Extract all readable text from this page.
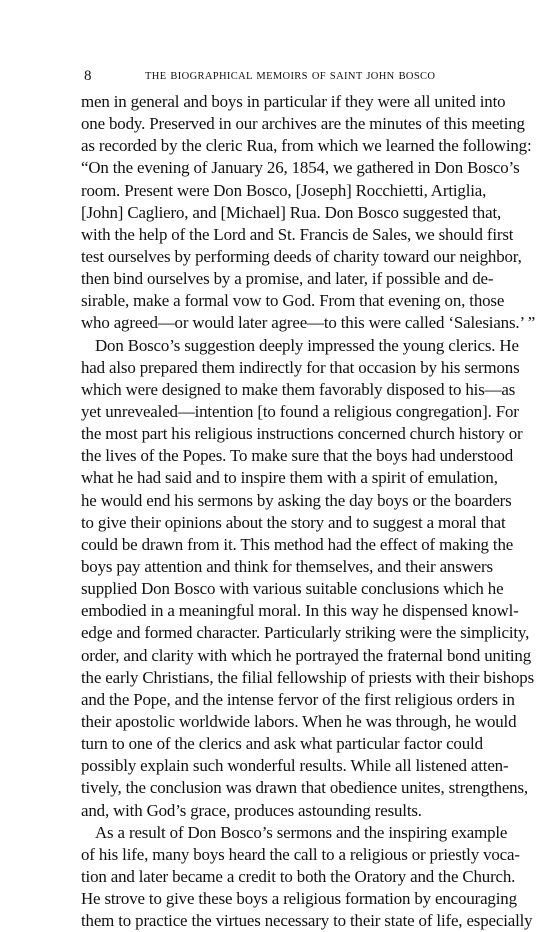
8	THE BIOGRAPHICAL MEMOIRS OF SAINT JOHN BOSCO
men in general and boys in particular if they were all united into
one body. Preserved in our archives are the minutes of this meeting
as recorded by the cleric Rua, from which we learned the following:
“On the evening of January 26, 1854, we gathered in Don Bosco’s
room. Present were Don Bosco, [Joseph] Rocchietti, Artiglia,
[John] Cagliero, and [Michael] Rua. Don Bosco suggested that,
with the help of the Lord and St. Francis de Sales, we should first
test ourselves by performing deeds of charity toward our neighbor,
then bind ourselves by a promise, and later, if possible and de-
sirable, make a formal vow to God. From that evening on, those
who agreed—or would later agree—to this were called ‘Salesians.’ ”
Don Bosco’s suggestion deeply impressed the young clerics. He
had also prepared them indirectly for that occasion by his sermons
which were designed to make them favorably disposed to his—as
yet unrevealed—intention [to found a religious congregation]. For
the most part his religious instructions concerned church history or
the lives of the Popes. To make sure that the boys had understood
what he had said and to inspire them with a spirit of emulation,
he would end his sermons by asking the day boys or the boarders
to give their opinions about the story and to suggest a moral that
could be drawn from it. This method had the effect of making the
boys pay attention and think for themselves, and their answers
supplied Don Bosco with various suitable conclusions which he
embodied in a meaningful moral. In this way he dispensed knowl-
edge and formed character. Particularly striking were the simplicity,
order, and clarity with which he portrayed the fraternal bond uniting
the early Christians, the filial fellowship of priests with their bishops
and the Pope, and the intense fervor of the first religious orders in
their apostolic worldwide labors. When he was through, he would
turn to one of the clerics and ask what particular factor could
possibly explain such wonderful results. While all listened atten-
tively, the conclusion was drawn that obedience unites, strengthens,
and, with God’s grace, produces astounding results.
As a result of Don Bosco’s sermons and the inspiring example
of his life, many boys heard the call to a religious or priestly voca-
tion and later became a credit to both the Oratory and the Church.
He strove to give these boys a religious formation by encouraging
them to practice the virtues necessary to their state of life, especially
